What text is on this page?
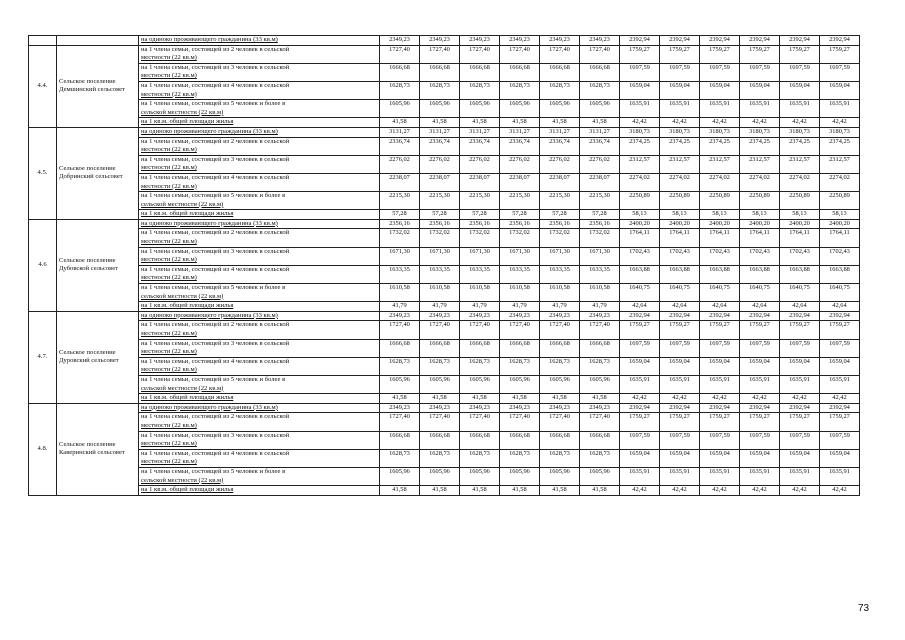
		на одиноко проживающего гражданина (33 кв.м)	2349,23	2349,23	2349,23	2349,23	2349,23	2349,23	2392,94	2392,94	2392,94	2392,94	2392,94	2392,94
4.4.	Сельское поселение Демшинский сельсовет	на 1 члена семьи, состоящей из 2 человек в сельской
местности (22 кв.м)	1727,40	1727,40	1727,40	1727,40	1727,40	1727,40	1759,27	1759,27	1759,27	1759,27	1759,27	1759,27

		на 1 члена семьи, состоящей из 3 человек в сельской
местности (22 кв.м)	1666,68	1666,68	1666,68	1666,68	1666,68	1666,68	1697,59	1697,59	1697,59	1697,59	1697,59	1697,59

		на 1 члена семьи, состоящей из 4 человек в сельской
местности (22 кв.м)	1628,73	1628,73	1628,73	1628,73	1628,73	1628,73	1659,04	1659,04	1659,04	1659,04	1659,04	1659,04

		на 1 члена семьи, состоящей из 5 человек и более в
сельской местности (22 кв.м)	1605,96	1605,96	1605,96	1605,96	1605,96	1605,96	1635,91	1635,91	1635,91	1635,91	1635,91	1635,91

		на 1 кв.м. общей площади жилья	41,58	41,58	41,58	41,58	41,58	41,58	42,42	42,42	42,42	42,42	42,42	42,42
4.5.	Сельское поселение Добринский сельсовет	на одиноко проживающего гражданина (33 кв.м)	3131,27	3131,27	3131,27	3131,27	3131,27	3131,27	3180,73	3180,73	3180,73	3180,73	3180,73	3180,73

		на 1 члена семьи, состоящей из 2 человек в сельской
местности (22 кв.м)	2336,74	2336,74	2336,74	2336,74	2336,74	2336,74	2374,25	2374,25	2374,25	2374,25	2374,25	2374,25

		на 1 члена семьи, состоящей из 3 человек в сельской
местности (22 кв.м)	2276,02	2276,02	2276,02	2276,02	2276,02	2276,02	2312,57	2312,57	2312,57	2312,57	2312,57	2312,57

		на 1 члена семьи, состоящей из 4 человек в сельской
местности (22 кв.м)	2238,07	2238,07	2238,07	2238,07	2238,07	2238,07	2274,02	2274,02	2274,02	2274,02	2274,02	2274,02

		на 1 члена семьи, состоящей из 5 человек и более в
сельской местности (22 кв.м)	2215,30	2215,30	2215,30	2215,30	2215,30	2215,30	2250,89	2250,89	2250,89	2250,89	2250,89	2250,89

		на 1 кв.м. общей площади жилья	57,28	57,28	57,28	57,28	57,28	57,28	58,13	58,13	58,13	58,13	58,13	58,13
4.6	Сельское поселение Дубовской сельсовет	на одиноко проживающего гражданина (33 кв.м)	2356,16	2356,16	2356,16	2356,16	2356,16	2356,16	2400,20	2400,20	2400,20	2400,20	2400,20	2400,20

		на 1 члена семьи, состоящей из 2 человек в сельской
местности (22 кв.м)	1732,02	1732,02	1732,02	1732,02	1732,02	1732,02	1764,11	1764,11	1764,11	1764,11	1764,11	1764,11

		на 1 члена семьи, состоящей из 3 человек в сельской
местности (22 кв.м)	1671,30	1671,30	1671,30	1671,30	1671,30	1671,30	1702,43	1702,43	1702,43	1702,43	1702,43	1702,43

		на 1 члена семьи, состоящей из 4 человек в сельской
местности (22 кв.м)	1633,35	1633,35	1633,35	1633,35	1633,35	1633,35	1663,88	1663,88	1663,88	1663,88	1663,88	1663,88

		на 1 члена семьи, состоящей из 5 человек и более в
сельской местности (22 кв.м)	1610,58	1610,58	1610,58	1610,58	1610,58	1610,58	1640,75	1640,75	1640,75	1640,75	1640,75	1640,75

		на 1 кв.м. общей площади жилья	41,79	41,79	41,79	41,79	41,79	41,79	42,64	42,64	42,64	42,64	42,64	42,64
4.7.	Сельское поселение Дуровский сельсовет	на одиноко проживающего гражданина (33 кв.м)	2349,23	2349,23	2349,23	2349,23	2349,23	2349,23	2392,94	2392,94	2392,94	2392,94	2392,94	2392,94

		на 1 члена семьи, состоящей из 2 человек в сельской
местности (22 кв.м)	1727,40	1727,40	1727,40	1727,40	1727,40	1727,40	1759,27	1759,27	1759,27	1759,27	1759,27	1759,27

		на 1 члена семьи, состоящей из 3 человек в сельской
местности (22 кв.м)	1666,68	1666,68	1666,68	1666,68	1666,68	1666,68	1697,59	1697,59	1697,59	1697,59	1697,59	1697,59

		на 1 члена семьи, состоящей из 4 человек в сельской
местности (22 кв.м)	1628,73	1628,73	1628,73	1628,73	1628,73	1628,73	1659,04	1659,04	1659,04	1659,04	1659,04	1659,04

		на 1 члена семьи, состоящей из 5 человек и более в
сельской местности (22 кв.м)	1605,96	1605,96	1605,96	1605,96	1605,96	1605,96	1635,91	1635,91	1635,91	1635,91	1635,91	1635,91

		на 1 кв.м. общей площади жилья	41,58	41,58	41,58	41,58	41,58	41,58	42,42	42,42	42,42	42,42	42,42	42,42
4.8.	Сельское поселение Каверинский сельсовет	на одиноко проживающего гражданина (33 кв.м)	2349,23	2349,23	2349,23	2349,23	2349,23	2349,23	2392,94	2392,94	2392,94	2392,94	2392,94	2392,94

		на 1 члена семьи, состоящей из 2 человек в сельской
местности (22 кв.м)	1727,40	1727,40	1727,40	1727,40	1727,40	1727,40	1759,27	1759,27	1759,27	1759,27	1759,27	1759,27

		на 1 члена семьи, состоящей из 3 человек в сельской
местности (22 кв.м)	1666,68	1666,68	1666,68	1666,68	1666,68	1666,68	1697,59	1697,59	1697,59	1697,59	1697,59	1697,59

		на 1 члена семьи, состоящей из 4 человек в сельской
местности (22 кв.м)	1628,73	1628,73	1628,73	1628,73	1628,73	1628,73	1659,04	1659,04	1659,04	1659,04	1659,04	1659,04

		на 1 члена семьи, состоящей из 5 человек и более в
сельской местности (22 кв.м)	1605,96	1605,96	1605,96	1605,96	1605,96	1605,96	1635,91	1635,91	1635,91	1635,91	1635,91	1635,91

		на 1 кв.м. общей площади жилья	41,58	41,58	41,58	41,58	41,58	41,58	42,42	42,42	42,42	42,42	42,42	42,42
73
